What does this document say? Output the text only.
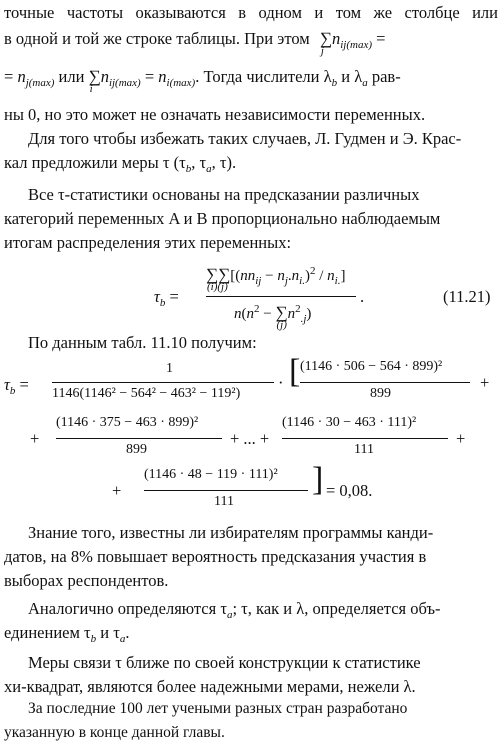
точные частоты оказываются в одном и том же столбце или
в одной и той же строке таблицы. При этом ∑
j
$n_{ij(max)}$ =
= $n_{j(max)}$ или ∑
i
$n_{ij(max)} = n_{i(max)}$. Тогда числители $\lambda_b$ и $\lambda_a$ рав-
ны 0, но это может не означать независимости переменных.
Для того чтобы избежать таких случаев, Л. Гудмен и Э. Крас-
кал предложили меры τ ($\tau_b$, $\tau_a$, τ).
Все τ-статистики основаны на предсказании различных
категорий переменных A и B пропорционально наблюдаемым
итогам распределения этих переменных:
$\tau_b$ =
∑∑
(i)(j)
$[(nn_{ij} - n_j.n_{i.})^2 / n_{i.}]$
$n(n^2$ − ∑
(j)
$n^2_{.j}$)
.	(11.21)
По данным табл. 11.10 получим:
$\tau_b$ =
1
1146(1146² − 564² − 463² − 119²)
· [ (1146 · 506 − 564 · 899)²
899
+
+
(1146 · 375 − 463 · 899)²
899
+ ... +
(1146 · 30 − 463 · 111)²
111
+
+
(1146 · 48 − 119 · 111)²
111
] = 0,08.
Знание того, известны ли избирателям программы канди-
датов, на 8% повышает вероятность предсказания участия в
выборах респондентов.
Аналогично определяются $\tau_a$; τ, как и λ, определяется объ-
единением $\tau_b$ и $\tau_a$.
Меры связи τ ближе по своей конструкции к статистике
хи-квадрат, являются более надежными мерами, нежели λ.
За последние 100 лет учеными разных стран разработано
указанную в конце данной главы.
